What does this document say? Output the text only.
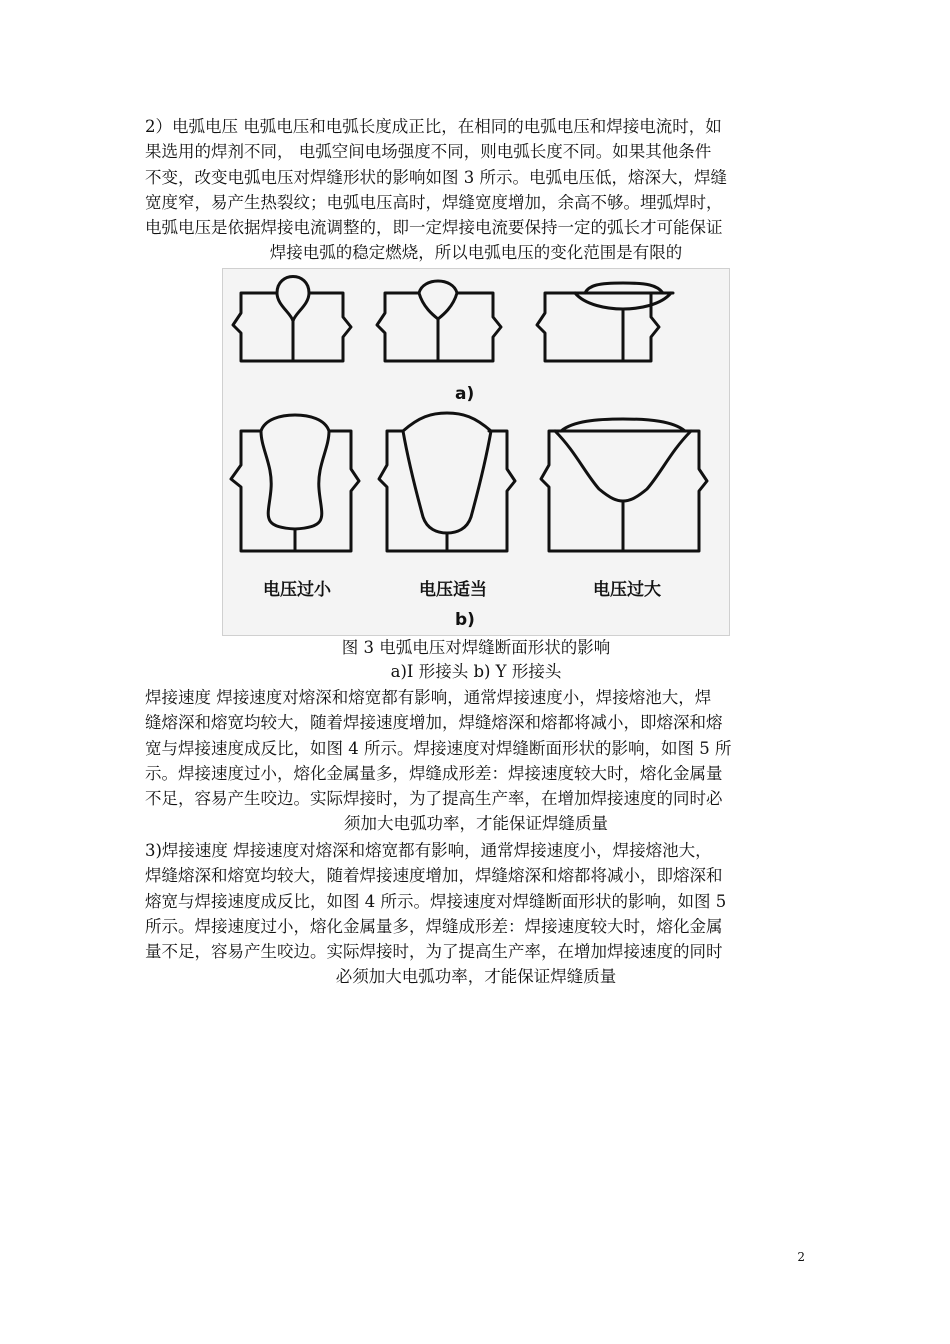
2）电弧电压 电弧电压和电弧长度成正比，在相同的电弧电压和焊接电流时，如
果选用的焊剂不同， 电弧空间电场强度不同，则电弧长度不同。如果其他条件
不变，改变电弧电压对焊缝形状的影响如图 3 所示。电弧电压低，熔深大，焊缝
宽度窄，易产生热裂纹；电弧电压高时，焊缝宽度增加，余高不够。埋弧焊时，
电弧电压是依据焊接电流调整的，即一定焊接电流要保持一定的弧长才可能保证
焊接电弧的稳定燃烧，所以电弧电压的变化范围是有限的
a)
电压过小	电压适当	电压过大
b)
图 3 电弧电压对焊缝断面形状的影响
a)I 形接头 b) Y 形接头
焊接速度 焊接速度对熔深和熔宽都有影响，通常焊接速度小，焊接熔池大，焊
缝熔深和熔宽均较大，随着焊接速度增加，焊缝熔深和熔都将减小，即熔深和熔
宽与焊接速度成反比，如图 4 所示。焊接速度对焊缝断面形状的影响，如图 5 所
示。焊接速度过小，熔化金属量多，焊缝成形差：焊接速度较大时，熔化金属量
不足，容易产生咬边。实际焊接时，为了提高生产率，在增加焊接速度的同时必
须加大电弧功率，才能保证焊缝质量
3)焊接速度 焊接速度对熔深和熔宽都有影响，通常焊接速度小，焊接熔池大，
焊缝熔深和熔宽均较大，随着焊接速度增加，焊缝熔深和熔都将减小，即熔深和
熔宽与焊接速度成反比，如图 4 所示。焊接速度对焊缝断面形状的影响，如图 5
所示。焊接速度过小，熔化金属量多，焊缝成形差：焊接速度较大时，熔化金属
量不足，容易产生咬边。实际焊接时，为了提高生产率，在增加焊接速度的同时
必须加大电弧功率，才能保证焊缝质量
2
